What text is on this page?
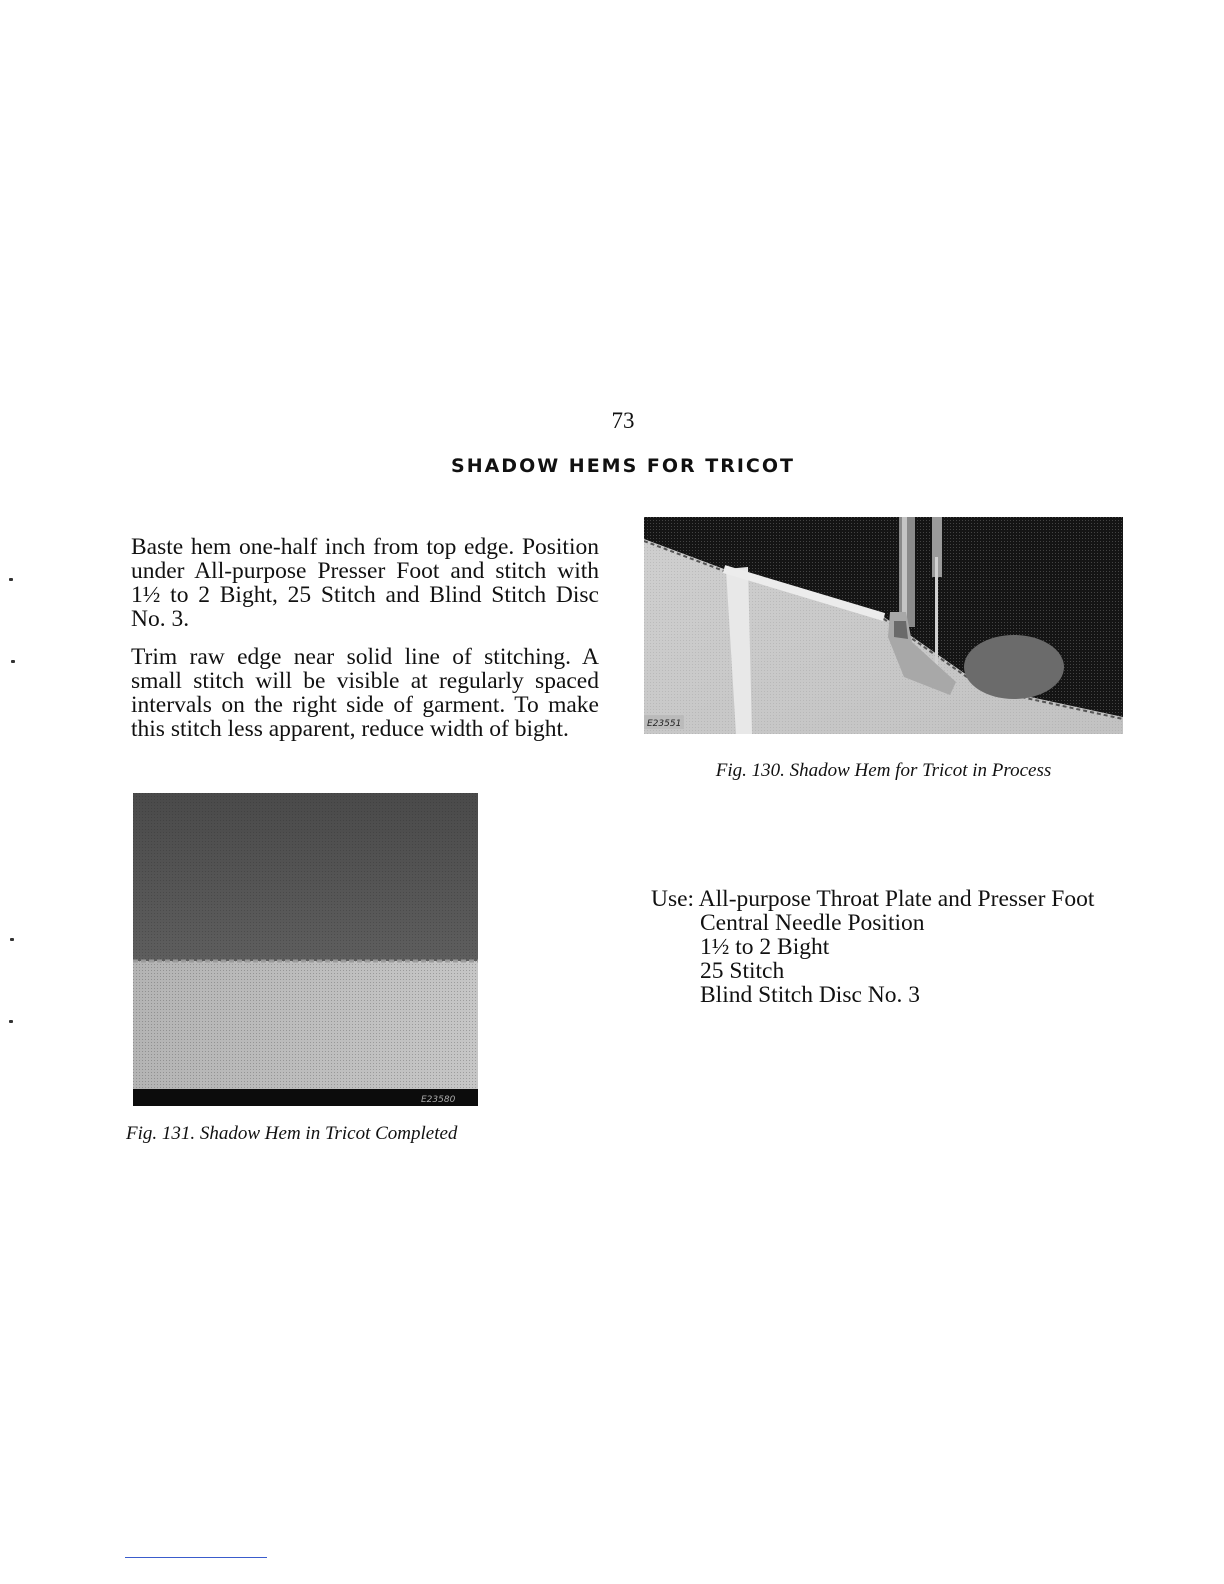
73
SHADOW HEMS FOR TRICOT

Baste hem one-half inch from top edge. Position under All-purpose Presser Foot and stitch with 1½ to 2 Bight, 25 Stitch and Blind Stitch Disc No. 3.

Trim raw edge near solid line of stitching. A small stitch will be visible at regularly spaced intervals on the right side of garment. To make this stitch less apparent, reduce width of bight.	E23551
Fig. 130. Shadow Hem for Tricot in Process
E23580
Fig. 131. Shadow Hem in Tricot Completed
Use: All-purpose Throat Plate and Presser Foot
Central Needle Position
1½ to 2 Bight
25 Stitch
Blind Stitch Disc No. 3
